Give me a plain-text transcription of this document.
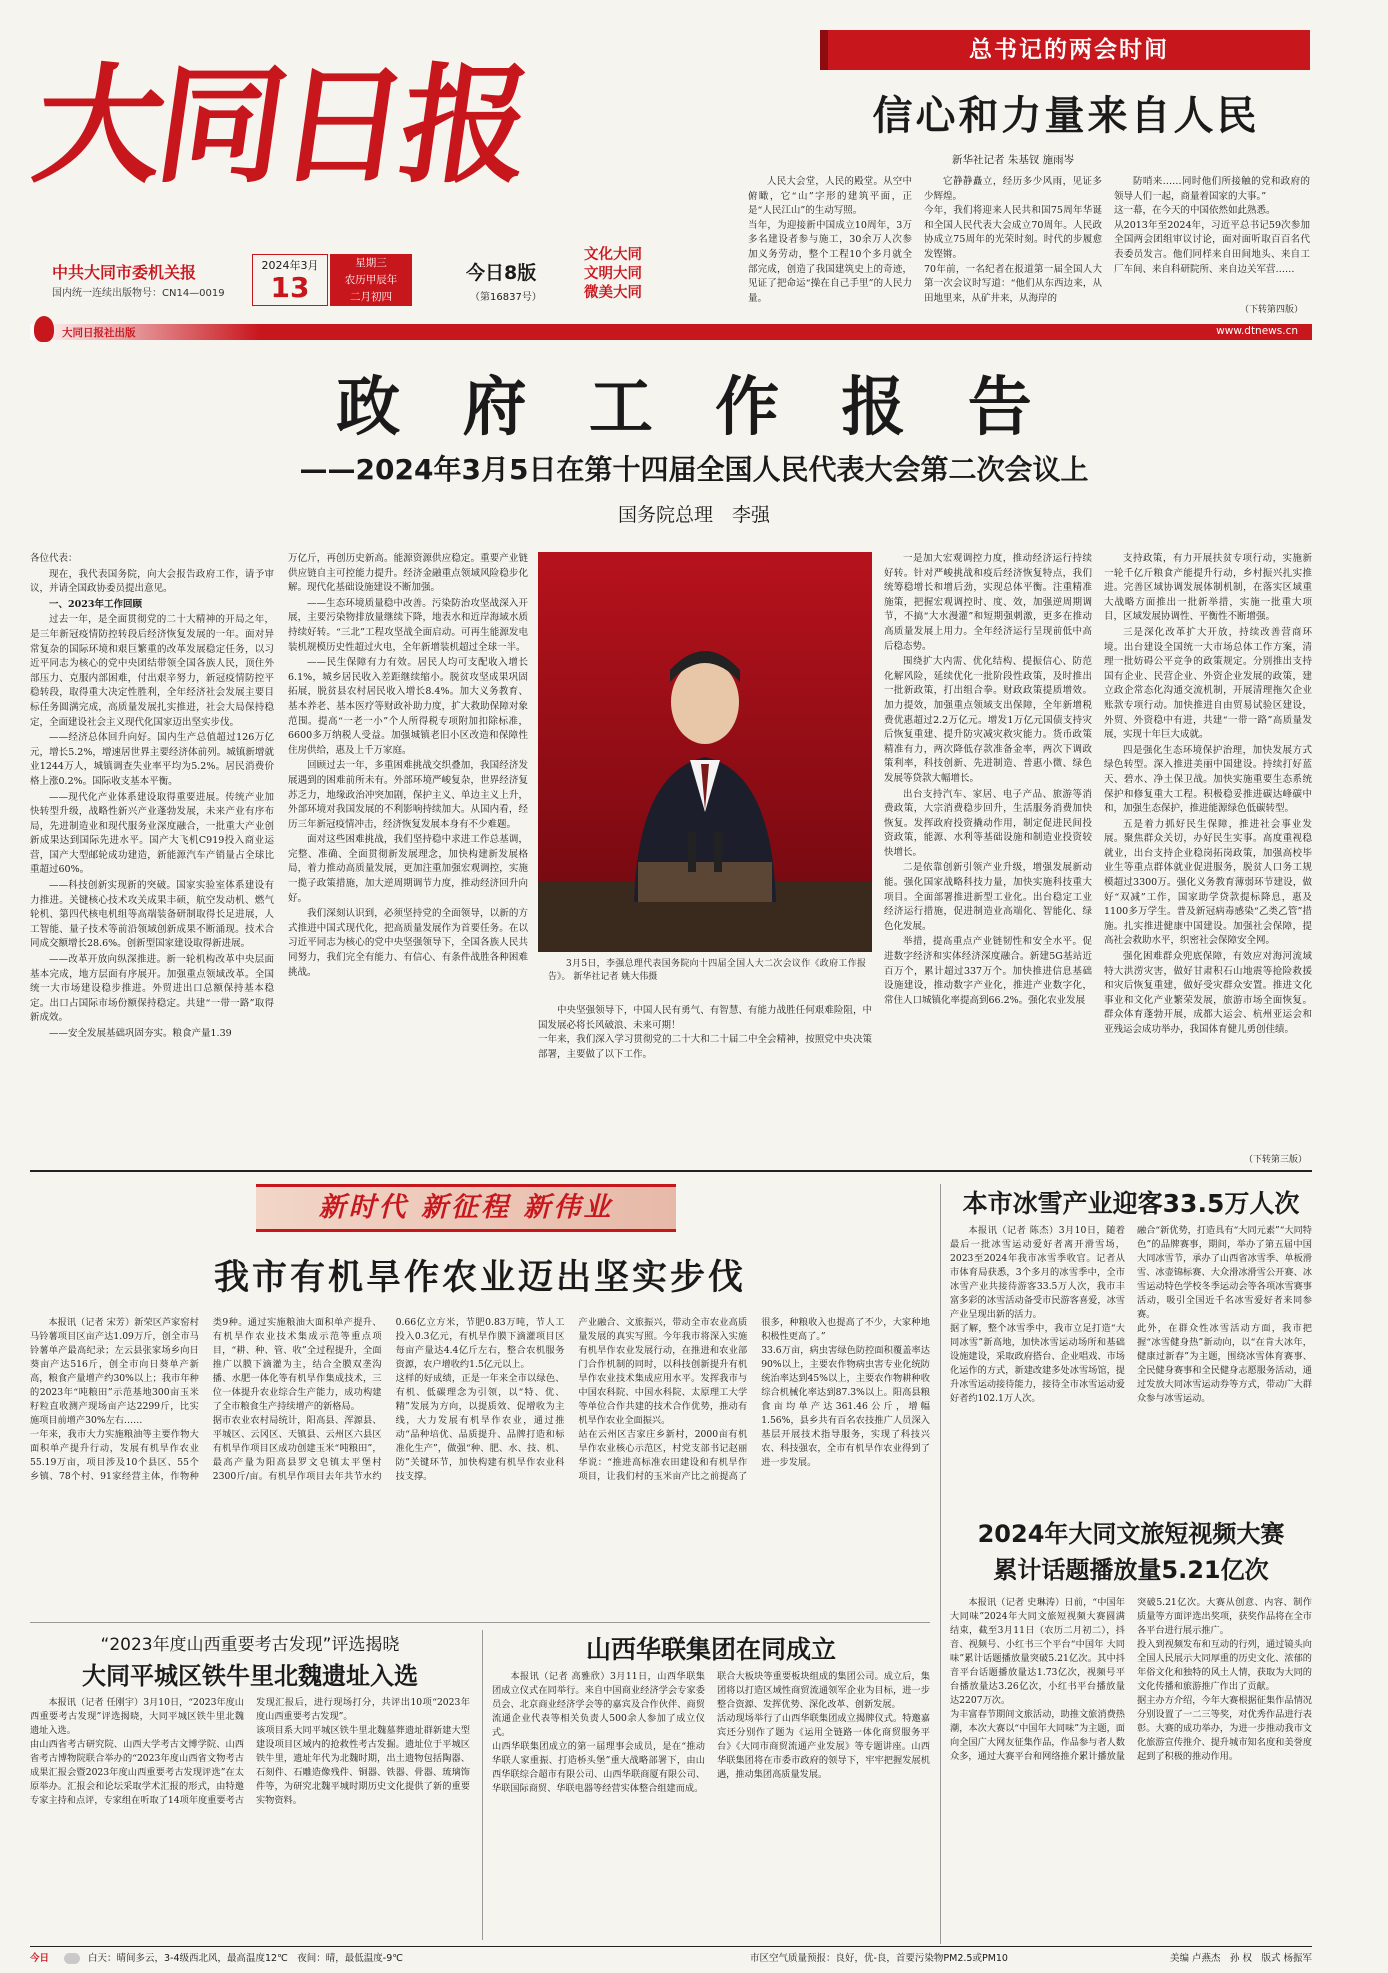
大同日报
中共大同市委机关报
国内统一连续出版物号：CN14—0019
2024年3月
13
星期三
农历甲辰年
二月初四
今日8版
（第16837号）
文化大同
文明大同
微美大同
大同日报社出版	www.dtnews.cn
总书记的两会时间
信心和力量来自人民
新华社记者 朱基钗 施雨岑
人民大会堂，人民的殿堂。从空中俯瞰，它“山”字形的建筑平面，正是“人民江山”的生动写照。
当年，为迎接新中国成立10周年，3万多名建设者参与施工，30余万人次参加义务劳动，整个工程10个多月就全部完成，创造了我国建筑史上的奇迹，见证了把命运“操在自己手里”的人民力量。
它静静矗立，经历多少风雨，见证多少辉煌。
今年，我们将迎来人民共和国75周年华诞和全国人民代表大会成立70周年。人民政协成立75周年的光荣时刻。时代的步履愈发铿锵。
70年前，一名纪者在报道第一届全国人大第一次会议时写道：“他们从东西边来，从田地里来，从矿井来，从海岸的
防哨来……同时他们所接触的党和政府的领导人们一起，商量着国家的大事。”
这一幕，在今天的中国依然如此熟悉。
从2013年至2024年，习近平总书记59次参加全国两会团组审议讨论，面对面听取百百名代表委员发言。他们同样来自田间地头、来自工厂车间、来自科研院所、来自边关军营……
（下转第四版）
政 府 工 作 报 告
——2024年3月5日在第十四届全国人民代表大会第二次会议上
国务院总理　李强

各位代表：

现在，我代表国务院，向大会报告政府工作，请予审议，并请全国政协委员提出意见。

一、2023年工作回顾

过去一年，是全面贯彻党的二十大精神的开局之年，是三年新冠疫情防控转段后经济恢复发展的一年。面对异常复杂的国际环境和艰巨繁重的改革发展稳定任务，以习近平同志为核心的党中央团结带领全国各族人民，顶住外部压力、克服内部困难，付出艰辛努力，新冠疫情防控平稳转段，取得重大决定性胜利，全年经济社会发展主要目标任务圆满完成，高质量发展扎实推进，社会大局保持稳定，全面建设社会主义现代化国家迈出坚实步伐。

——经济总体回升向好。国内生产总值超过126万亿元，增长5.2%，增速居世界主要经济体前列。城镇新增就业1244万人，城镇调查失业率平均为5.2%。居民消费价格上涨0.2%。国际收支基本平衡。

——现代化产业体系建设取得重要进展。传统产业加快转型升级，战略性新兴产业蓬勃发展，未来产业有序布局，先进制造业和现代服务业深度融合，一批重大产业创新成果达到国际先进水平。国产大飞机C919投入商业运营，国产大型邮轮成功建造，新能源汽车产销量占全球比重超过60%。

——科技创新实现新的突破。国家实验室体系建设有力推进。关键核心技术攻关成果丰硕，航空发动机、燃气轮机、第四代核电机组等高端装备研制取得长足进展，人工智能、量子技术等前沿领域创新成果不断涌现。技术合同成交额增长28.6%。创新型国家建设取得新进展。

——改革开放向纵深推进。新一轮机构改革中央层面基本完成，地方层面有序展开。加强重点领域改革。全国统一大市场建设稳步推进。外贸进出口总额保持基本稳定。出口占国际市场份额保持稳定。共建“一带一路”取得新成效。

——安全发展基础巩固夯实。粮食产量1.39

万亿斤，再创历史新高。能源资源供应稳定。重要产业链供应链自主可控能力提升。经济金融重点领域风险稳步化解。现代化基础设施建设不断加强。

——生态环境质量稳中改善。污染防治攻坚战深入开展，主要污染物排放量继续下降，地表水和近岸海域水质持续好转。“三北”工程攻坚战全面启动。可再生能源发电装机规模历史性超过火电，全年新增装机超过全球一半。

——民生保障有力有效。居民人均可支配收入增长6.1%，城乡居民收入差距继续缩小。脱贫攻坚成果巩固拓展，脱贫县农村居民收入增长8.4%。加大义务教育、基本养老、基本医疗等财政补助力度，扩大救助保障对象范围。提高“一老一小”个人所得税专项附加扣除标准，6600多万纳税人受益。加强城镇老旧小区改造和保障性住房供给，惠及上千万家庭。

回顾过去一年，多重困难挑战交织叠加，我国经济发展遇到的困难前所未有。外部环境严峻复杂，世界经济复苏乏力，地缘政治冲突加剧，保护主义、单边主义上升，外部环境对我国发展的不利影响持续加大。从国内看，经历三年新冠疫情冲击，经济恢复发展本身有不少难题。

面对这些困难挑战，我们坚持稳中求进工作总基调，完整、准确、全面贯彻新发展理念，加快构建新发展格局，着力推动高质量发展，更加注重加强宏观调控，实施一揽子政策措施，加大逆周期调节力度，推动经济回升向好。

我们深刻认识到，必须坚持党的全面领导，以新的方式推进中国式现代化，把高质量发展作为首要任务。在以习近平同志为核心的党中央坚强领导下，全国各族人民共同努力，我们完全有能力、有信心、有条件战胜各种困难挑战。

3月5日，李强总理代表国务院向十四届全国人大二次会议作《政府工作报告》。 新华社记者 姚大伟摄
中央坚强领导下，中国人民有勇气、有智慧、有能力战胜任何艰难险阻，中国发展必将长风破浪、未来可期！
一年来，我们深入学习贯彻党的二十大和二十届二中全会精神，按照党中央决策部署，主要做了以下工作。

一是加大宏观调控力度，推动经济运行持续好转。针对严峻挑战和疫后经济恢复特点，我们统筹稳增长和增后劲，实现总体平衡。注重精准施策，把握宏观调控时、度、效，加强逆周期调节，不搞“大水漫灌”和短期强刺激，更多在推动高质量发展上用力。全年经济运行呈现前低中高后稳态势。

围绕扩大内需、优化结构、提振信心、防范化解风险，延续优化一批阶段性政策，及时推出一批新政策，打出组合拳。财政政策提质增效。加力提效，加强重点领域支出保障，全年新增税费优惠超过2.2万亿元。增发1万亿元国债支持灾后恢复重建、提升防灾减灾救灾能力。货币政策精准有力，两次降低存款准备金率，两次下调政策利率，科技创新、先进制造、普惠小微、绿色发展等贷款大幅增长。

出台支持汽车、家居、电子产品、旅游等消费政策，大宗消费稳步回升，生活服务消费加快恢复。发挥政府投资撬动作用，制定促进民间投资政策，能源、水利等基础设施和制造业投资较快增长。

二是依靠创新引领产业升级，增强发展新动能。强化国家战略科技力量，加快实施科技重大项目。全面部署推进新型工业化。出台稳定工业经济运行措施，促进制造业高端化、智能化、绿色化发展。

举措，提高重点产业链韧性和安全水平。促进数字经济和实体经济深度融合。新建5G基站近百万个，累计超过337万个。加快推进信息基础设施建设，推动数字产业化，推进产业数字化，常住人口城镇化率提高到66.2%。强化农业发展

支持政策，有力开展扶贫专项行动，实施新一轮千亿斤粮食产能提升行动，乡村振兴扎实推进。完善区域协调发展体制机制，在落实区域重大战略方面推出一批新举措，实施一批重大项目，区域发展协调性、平衡性不断增强。

三是深化改革扩大开放，持续改善营商环境。出台建设全国统一大市场总体工作方案，清理一批妨碍公平竞争的政策规定。分别推出支持国有企业、民营企业、外资企业发展的政策，建立政企常态化沟通交流机制，开展清理拖欠企业账款专项行动。加快推进自由贸易试验区建设，外贸、外资稳中有进，共建“一带一路”高质量发展，实现十年巨大成就。

四是强化生态环境保护治理，加快发展方式绿色转型。深入推进美丽中国建设。持续打好蓝天、碧水、净土保卫战。加快实施重要生态系统保护和修复重大工程。积极稳妥推进碳达峰碳中和，加强生态保护，推进能源绿色低碳转型。

五是着力抓好民生保障，推进社会事业发展。聚焦群众关切，办好民生实事。高度重视稳就业，出台支持企业稳岗拓岗政策，加强高校毕业生等重点群体就业促进服务，脱贫人口务工规模超过3300万。强化义务教育薄弱环节建设，做好“双减”工作，国家助学贷款提标降息，惠及1100多万学生。普及新冠病毒感染“乙类乙管”措施。扎实推进健康中国建设。加强社会保障，提高社会救助水平，织密社会保障安全网。

强化困难群众兜底保障，有效应对海河流域特大洪涝灾害，做好甘肃积石山地震等抢险救援和灾后恢复重建，做好受灾群众安置。推进文化事业和文化产业繁荣发展，旅游市场全面恢复。群众体育蓬勃开展，成都大运会、杭州亚运会和亚残运会成功举办，我国体育健儿勇创佳绩。

（下转第三版）
新时代 新征程 新伟业
我市有机旱作农业迈出坚实步伐
本报讯（记者 宋芳）新荣区芦家窑村马铃薯项目区亩产达1.09万斤，创全市马铃薯单产最高纪录；左云县张家场乡向日葵亩产达516斤，创全市向日葵单产新高，粮食产量增产约30%以上；我市年种的2023年“吨粮田”示范基地300亩玉米籽粒直收测产现场亩产达2299斤，比实施项目前增产30%左右……
一年来，我市大力实施粮油等主要作物大面积单产提升行动，发展有机旱作农业55.19万亩，项目涉及10个县区、55个乡镇、78个村、91家经营主体，作物种类9种。通过实施粮油大面积单产提升、有机旱作农业技术集成示范等重点项目，“耕、种、管、收”全过程提升，全面推广以膜下滴灌为主，结合全膜双垄沟播、水肥一体化等有机旱作集成技术，三位一体提升农业综合生产能力，成功构建了全市粮食生产持续增产的新格局。
据市农业农村局统计，阳高县、浑源县、平城区、云冈区、天镇县、云州区六县区有机旱作项目区成功创建玉米“吨粮田”，最高产量为阳高县罗文皂镇太平堡村2300斤/亩。有机旱作项目去年共节水约0.66亿立方米，节肥0.83万吨，节人工投入0.3亿元，有机旱作膜下滴灌项目区每亩产量达4.4亿斤左右，整合农机服务资源，农户增收约1.5亿元以上。
这样的好成绩，正是一年来全市以绿色、有机、低碳理念为引领，以“特、优、精”发展为方向，以提质效、促增收为主线，大力发展有机旱作农业，通过推动“品种培优、品质提升、品牌打造和标准化生产”，做强“种、肥、水、技、机、防”关键环节，加快构建有机旱作农业科技支撑。
产业融合、文旅振兴，带动全市农业高质量发展的真实写照。今年我市将深入实施有机旱作农业发展行动，在推进和农业部门合作机制的同时，以科技创新提升有机旱作农业技术集成应用水平。发挥我市与中国农科院、中国水科院、太原理工大学等单位合作共建的技术合作优势，推动有机旱作农业全面振兴。
站在云州区吉家庄乡新村，2000亩有机旱作农业核心示范区，村党支部书记赵丽华说：“推进高标准农田建设和有机旱作项目，让我们村的玉米亩产比之前提高了很多，种粮收入也提高了不少，大家种地积极性更高了。”
33.6万亩，病虫害绿色防控面积覆盖率达90%以上，主要农作物病虫害专业化统防统治率达到45%以上，主要农作物耕种收综合机械化率达到87.3%以上。阳高县粮食亩均单产达361.46公斤，增幅1.56%，县乡共有百名农技推广人员深入基层开展技术指导服务，实现了科技兴农、科技强农，全市有机旱作农业得到了进一步发展。
本市冰雪产业迎客33.5万人次
本报讯（记者 陈杰）3月10日，随着最后一批冰雪运动爱好者离开滑雪场，2023至2024年我市冰雪季收官。记者从市体育局获悉，3个多月的冰雪季中，全市冰雪产业共接待游客33.5万人次，我市丰富多彩的冰雪活动备受市民游客喜爱，冰雪产业呈现出新的活力。
据了解，整个冰雪季中，我市立足打造“大同冰雪”新高地，加快冰雪运动场所和基础设施建设，采取政府搭台、企业唱戏、市场化运作的方式，新建改建多处冰雪场馆，提升冰雪运动接待能力，接待全市冰雪运动爱好者约102.1万人次。
融合“新优势，打造具有“大同元素”“大同特色”的品牌赛事，期间，举办了第五届中国大同冰雪节，承办了山西省冰雪季、单板滑雪、冰壶锦标赛、大众滑冰滑雪公开赛、冰雪运动特色学校冬季运动会等各项冰雪赛事活动，吸引全国近千名冰雪爱好者来同参赛。
此外，在群众性冰雪活动方面，我市把握“冰雪健身热”新动向，以“在肯大冰年，健康过新春”为主题，围绕冰雪体育赛事、全民健身赛事和全民健身志愿服务活动，通过发放大同冰雪运动券等方式，带动广大群众参与冰雪运动。
2024年大同文旅短视频大赛
累计话题播放量5.21亿次
本报讯（记者 史琳涛）日前，“中国年 大同味”2024年大同文旅短视频大赛圆满结束，截至3月11日（农历二月初二），抖音、视频号、小红书三个平台“中国年 大同味”累计话题播放量突破5.21亿次。其中抖音平台话题播放量达1.73亿次，视频号平台播放量达3.26亿次，小红书平台播放量达2207万次。
为丰富春节期间文旅活动，助推文旅消费热潮，本次大赛以“中国年大同味”为主题，面向全国广大网友征集作品，作品参与者人数众多，通过大赛平台和网络推介累计播放量突破5.21亿次。大赛从创意、内容、制作质量等方面评选出奖项，获奖作品将在全市各平台进行展示推广。
投入到视频发布和互动的行列，通过镜头向全国人民展示大同厚重的历史文化、浓郁的年俗文化和独特的风土人情，获取为大同的文化传播和旅游推广作出了贡献。
据主办方介绍，今年大赛根据征集作品情况分别设置了一二三等奖，对优秀作品进行表彰。大赛的成功举办，为进一步推动我市文化旅游宣传推介、提升城市知名度和美誉度起到了积极的推动作用。
“2023年度山西重要考古发现”评选揭晓
大同平城区铁牛里北魏遗址入选
本报讯（记者 任刚宇）3月10日，“2023年度山西重要考古发现”评选揭晓，大同平城区铁牛里北魏遗址入选。
由山西省考古研究院、山西大学考古文博学院、山西省考古博物院联合举办的“2023年度山西省文物考古成果汇报会暨2023年度山西重要考古发现评选”在太原举办。汇报会和论坛采取学术汇报的形式，由特邀专家主持和点评，专家组在听取了14项年度重要考古发现汇报后，进行现场打分，共评出10项“2023年度山西重要考古发现”。
该项目系大同平城区铁牛里北魏墓葬遗址群新建大型建设项目区域内的抢救性考古发掘。遗址位于平城区铁牛里，遗址年代为北魏时期，出土遗物包括陶器、石刻件、石雕造像残件、铜器、铁器、骨器、琉璃饰件等，为研究北魏平城时期历史文化提供了新的重要实物资料。
山西华联集团在同成立
本报讯（记者 高雅欣）3月11日，山西华联集团成立仪式在同举行。来自中国商业经济学会专家委员会、北京商业经济学会等的嘉宾及合作伙伴、商贸流通企业代表等相关负责人500余人参加了成立仪式。
山西华联集团成立的第一届理事会成员，是在“推动华联人家重振、打造桥头堡”重大战略部署下，由山西华联综合超市有限公司、山西华联商厦有限公司、华联国际商贸、华联电器等经营实体整合组建而成。
联合大板块等重要板块组成的集团公司。成立后，集团将以打造区域性商贸流通领军企业为目标，进一步整合资源、发挥优势、深化改革、创新发展。
活动现场举行了山西华联集团成立揭牌仪式。特邀嘉宾还分别作了题为《运用全链路一体化商贸服务平台》《大同市商贸流通产业发展》等专题讲座。山西华联集团将在市委市政府的领导下，牢牢把握发展机遇，推动集团高质量发展。
今日	白天：晴间多云，3-4级西北风，最高温度12℃　夜间：晴，最低温度-9℃	市区空气质量预报：良好，优-良，首要污染物PM2.5或PM10	美编 卢燕杰　孙 权　版式 杨振军
